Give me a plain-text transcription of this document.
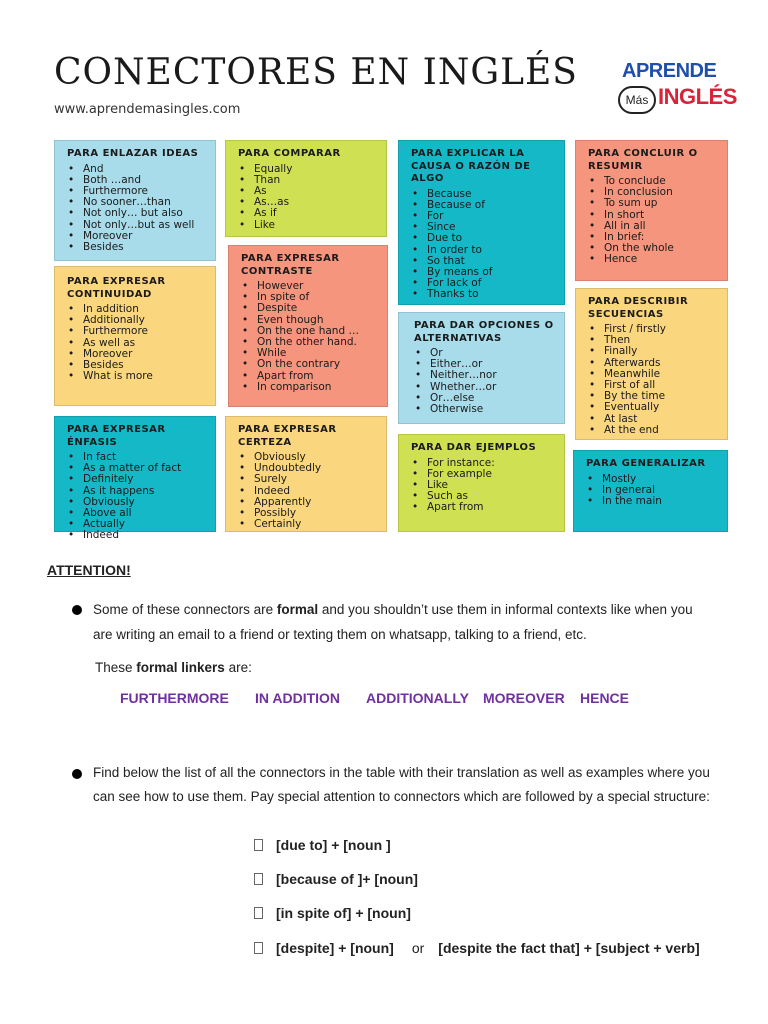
CONECTORES EN INGLÉS
www.aprendemasingles.com
APRENDE
Más INGLÉS
PARA ENLAZAR IDEAS
• And
• Both …and
• Furthermore
• No sooner…than
• Not only… but also
• Not only…but as well
• Moreover
• Besides
PARA COMPARAR
• Equally
• Than
• As
• As…as
• As if
• Like
PARA EXPLICAR LA CAUSA O RAZÓN DE ALGO
• Because
• Because of
• For
• Since
• Due to
• In order to
• So that
• By means of
• For lack of
• Thanks to
PARA CONCLUIR O RESUMIR
• To conclude
• In conclusion
• To sum up
• In short
• All in all
• In brief:
• On the whole
• Hence
PARA EXPRESAR CONTINUIDAD
• In addition
• Additionally
• Furthermore
• As well as
• Moreover
• Besides
• What is more
PARA EXPRESAR CONTRASTE
• However
• In spite of
• Despite
• Even though
• On the one hand …
• On the other hand.
• While
• On the contrary
• Apart from
• In comparison
PARA DAR OPCIONES O ALTERNATIVAS
• Or
• Either…or
• Neither…nor
• Whether…or
• Or…else
• Otherwise
PARA DESCRIBIR SECUENCIAS
• First / firstly
• Then
• Finally
• Afterwards
• Meanwhile
• First of all
• By the time
• Eventually
• At last
• At the end
PARA EXPRESAR ÉNFASIS
• In fact
• As a matter of fact
• Definitely
• As it happens
• Obviously
• Above all
• Actually
• Indeed
PARA EXPRESAR CERTEZA
• Obviously
• Undoubtedly
• Surely
• Indeed
• Apparently
• Possibly
• Certainly
PARA DAR EJEMPLOS
• For instance:
• For example
• Like
• Such as
• Apart from
PARA GENERALIZAR
• Mostly
• In general
• In the main
ATTENTION!
Some of these connectors are formal and you shouldn’t use them in informal contexts like when you are writing an email to a friend or texting them on whatsapp, talking to a friend, etc.
These formal linkers are:
FURTHERMORE IN ADDITION ADDITIONALLY MOREOVER HENCE
Find below the list of all the connectors in the table with their translation as well as examples where you can see how to use them. Pay special attention to connectors which are followed by a special structure:
[due to] + [noun ]
[because of ]+ [noun]
[in spite of] + [noun]
[despite] + [noun] or [despite the fact that] + [subject + verb]
